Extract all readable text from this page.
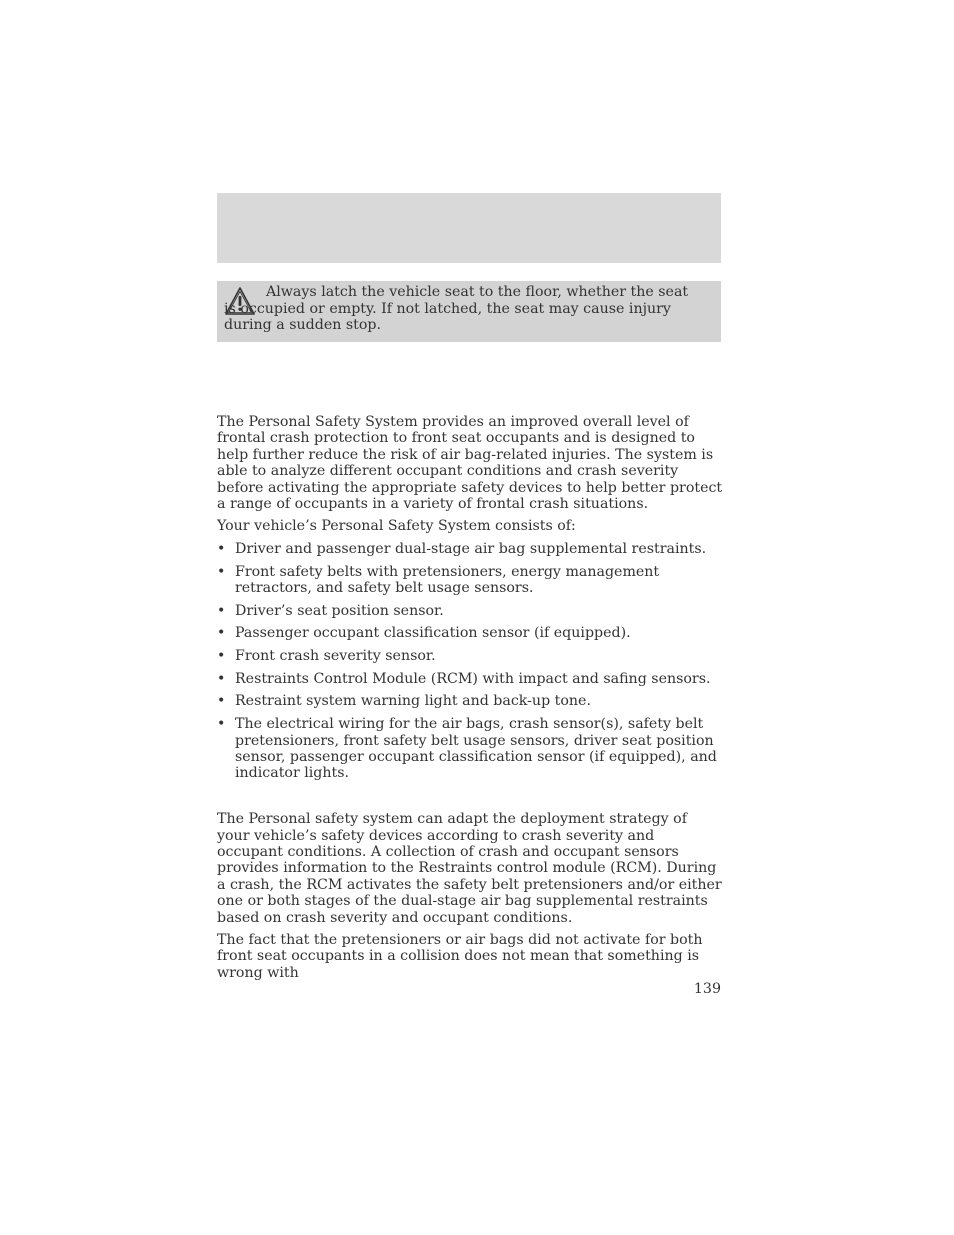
Always latch the vehicle seat to the floor, whether the seat is occupied or empty. If not latched, the seat may cause injury during a sudden stop.

The Personal Safety System provides an improved overall level of frontal crash protection to front seat occupants and is designed to help further reduce the risk of air bag-related injuries. The system is able to analyze different occupant conditions and crash severity before activating the appropriate safety devices to help better protect a range of occupants in a variety of frontal crash situations.

Your vehicle’s Personal Safety System consists of:

• Driver and passenger dual-stage air bag supplemental restraints.
• Front safety belts with pretensioners, energy management retractors, and safety belt usage sensors.
• Driver’s seat position sensor.
• Passenger occupant classification sensor (if equipped).
• Front crash severity sensor.
• Restraints Control Module (RCM) with impact and safing sensors.
• Restraint system warning light and back-up tone.
• The electrical wiring for the air bags, crash sensor(s), safety belt pretensioners, front safety belt usage sensors, driver seat position sensor, passenger occupant classification sensor (if equipped), and indicator lights.

The Personal safety system can adapt the deployment strategy of your vehicle’s safety devices according to crash severity and occupant conditions. A collection of crash and occupant sensors provides information to the Restraints control module (RCM). During a crash, the RCM activates the safety belt pretensioners and/or either one or both stages of the dual-stage air bag supplemental restraints based on crash severity and occupant conditions.

The fact that the pretensioners or air bags did not activate for both front seat occupants in a collision does not mean that something is wrong with

139
